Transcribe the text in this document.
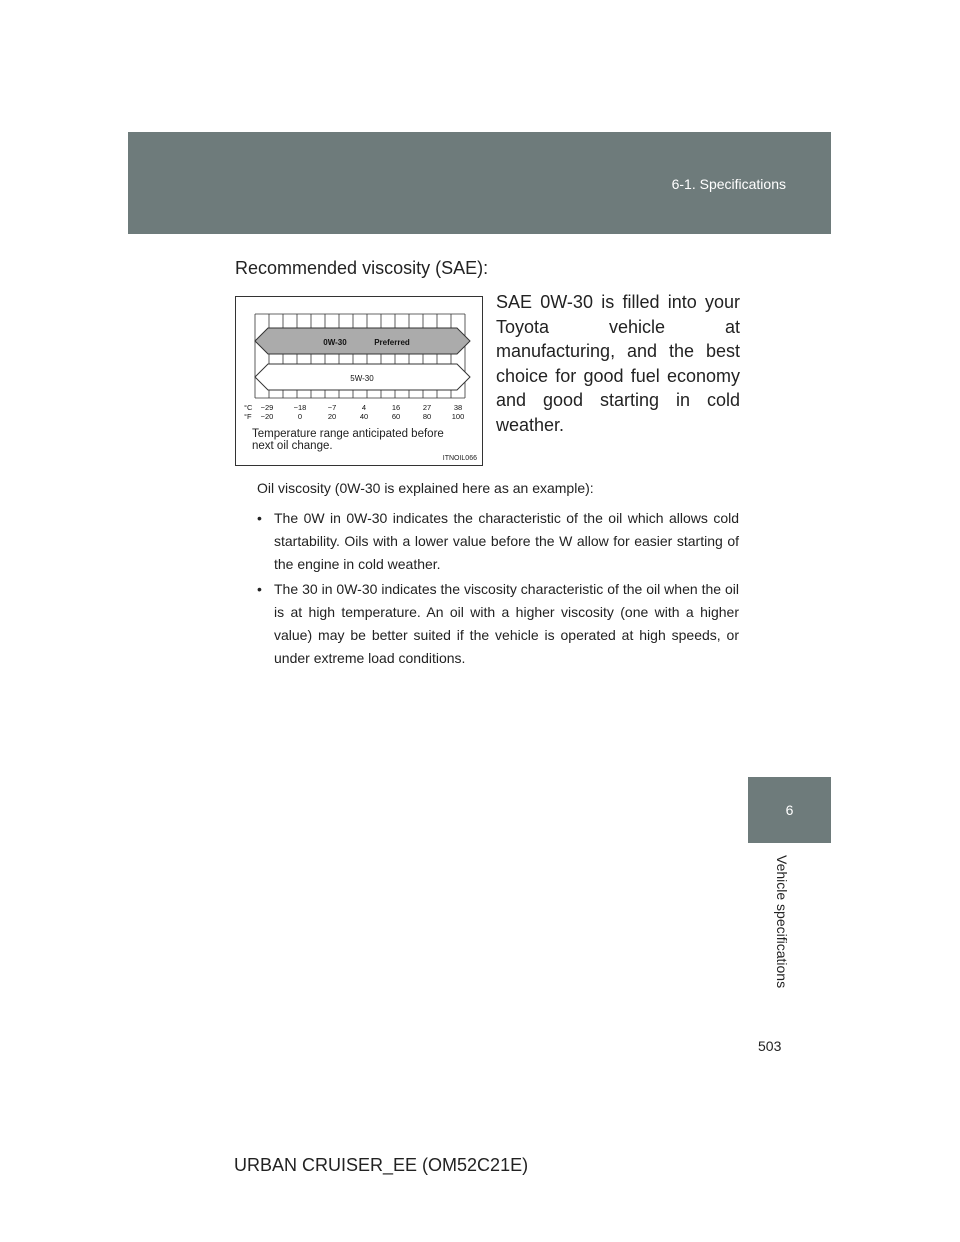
6-1. Specifications
6
Vehicle specifications
Recommended viscosity (SAE):
0W-30	Preferred
5W-30
°C
°F
−29	−18	−7	4	16	27	38
−20	0	20	40	60	80	100
Temperature range anticipated before
next oil change.
ITNOIL066
SAE 0W-30 is filled into your Toyota vehicle at manufacturing, and the best choice for good fuel economy and good starting in cold weather.

Oil viscosity (0W-30 is explained here as an example):

• The 0W in 0W-30 indicates the characteristic of the oil which allows cold startability. Oils with a lower value before the W allow for easier starting of the engine in cold weather.
• The 30 in 0W-30 indicates the viscosity characteristic of the oil when the oil is at high temperature. An oil with a higher viscosity (one with a higher value) may be better suited if the vehicle is operated at high speeds, or under extreme load conditions.
503
URBAN CRUISER_EE (OM52C21E)
